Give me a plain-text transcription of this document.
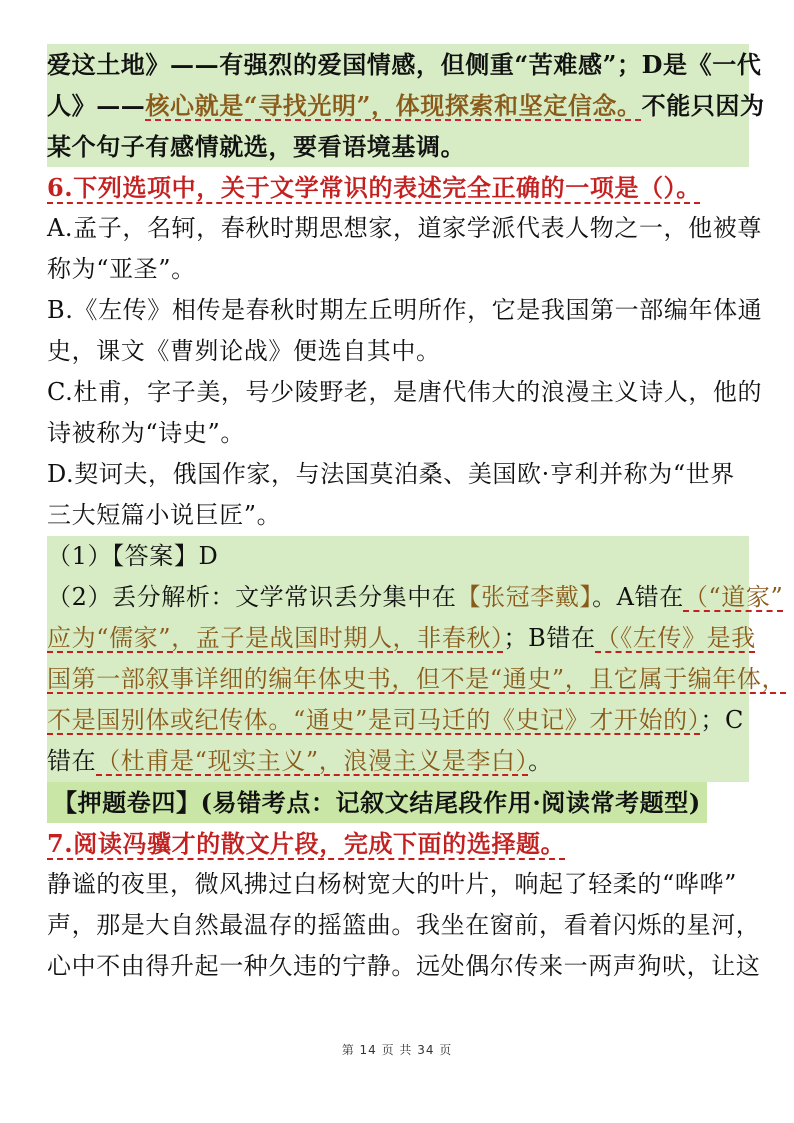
爱这土地》——有强烈的爱国情感，但侧重“苦难感”；D是《一代
人》——核心就是“寻找光明”，体现探索和坚定信念。不能只因为
某个句子有感情就选，要看语境基调。
6.下列选项中，关于文学常识的表述完全正确的一项是（）。
A.孟子，名轲，春秋时期思想家，道家学派代表人物之一，他被尊
称为“亚圣”。
B.《左传》相传是春秋时期左丘明所作，它是我国第一部编年体通
史，课文《曹刿论战》便选自其中。
C.杜甫，字子美，号少陵野老，是唐代伟大的浪漫主义诗人，他的
诗被称为“诗史”。
D.契诃夫，俄国作家，与法国莫泊桑、美国欧·亨利并称为“世界
三大短篇小说巨匠”。
（1）【答案】D
（2）丢分解析：文学常识丢分集中在【张冠李戴】。A错在（“道家”
应为“儒家”，孟子是战国时期人，非春秋）；B错在（《左传》是我
国第一部叙事详细的编年体史书，但不是“通史”，且它属于编年体，
不是国别体或纪传体。“通史”是司马迁的《史记》才开始的）；C
错在（杜甫是“现实主义”，浪漫主义是李白）。
【押题卷四】(易错考点：记叙文结尾段作用·阅读常考题型)
7.阅读冯骥才的散文片段，完成下面的选择题。
静谧的夜里，微风拂过白杨树宽大的叶片，响起了轻柔的“哗哗”
声，那是大自然最温存的摇篮曲。我坐在窗前，看着闪烁的星河，
心中不由得升起一种久违的宁静。远处偶尔传来一两声狗吠，让这
第 14 页 共 34 页
